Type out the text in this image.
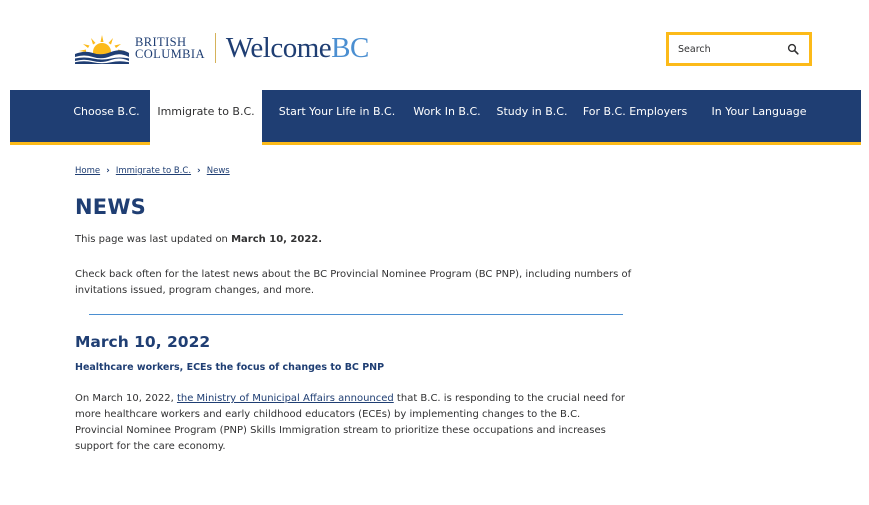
BRITISH
COLUMBIA WelcomeBC
Search
Choose B.C.	Immigrate to B.C.	Start Your Life in B.C.	Work In B.C.	Study in B.C.	For B.C. Employers	In Your Language
Home › Immigrate to B.C. › News
NEWS
This page was last updated on March 10, 2022.

Check back often for the latest news about the BC Provincial Nominee Program (BC PNP), including numbers of invitations issued, program changes, and more.

March 10, 2022
Healthcare workers, ECEs the focus of changes to BC PNP

On March 10, 2022, the Ministry of Municipal Affairs announced that B.C. is responding to the crucial need for more healthcare workers and early childhood educators (ECEs) by implementing changes to the B.C. Provincial Nominee Program (PNP) Skills Immigration stream to prioritize these occupations and increases support for the care economy.
